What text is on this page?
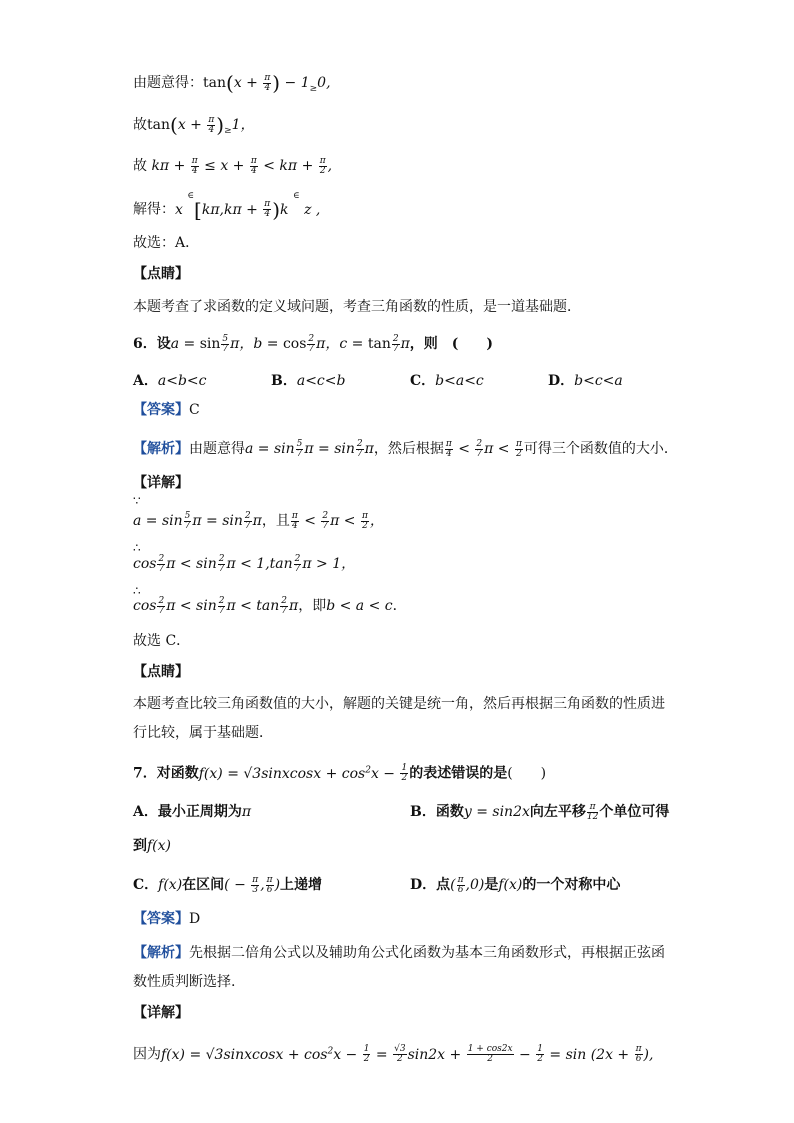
由题意得：$\tan(x + \frac{\pi}{4}$ ) − $1_\ge 0$,
故$\tan(x + \frac{\pi}{4} )_\ge 1$，
故 $k\pi + \frac{\pi}{4} \le x + \frac{\pi}{4} < k\pi + \frac{\pi}{2}$ ,
解得：x $^\in[k\pi,k\pi + \frac{\pi}{4} )k$ ∈ z ,
故选：A．
【点睛】
本题考查了求函数的定义域问题，考查三角函数的性质，是一道基础题．
6．设$a = \sin \frac{5}{7}$ π，$b = \cos \frac{2}{7}$ π，$c = \tan \frac{2}{7}$ π，则　 (　　)
A．a<b<c	B．a<c<b	C．b<a<c	D．b<c<a
【答案】C
【解析】由题意得$a = \sin \frac{5}{7}$ $\pi = \sin \frac{2}{7}$ π，然后根据 $\frac{\pi}{4} < \frac{2}{7}$ $\pi < \frac{\pi}{2}$ 可得三个函数值的大小．
【详解】
∵
$a = \sin \frac{5}{7}$ $\pi = \sin \frac{2}{7}$ π，且 $\frac{\pi}{4} < \frac{2}{7}$ $\pi < \frac{\pi}{2}$ ，
∴
$\cos \frac{2}{7}$ $\pi < \sin \frac{2}{7}$ $\pi < 1,\tan \frac{2}{7}$ π > 1，
∴
$\cos \frac{2}{7}$ $\pi < \sin \frac{2}{7}$ $\pi < \tan \frac{2}{7}$ π，即b < a < c．
故选 C．
【点睛】
本题考查比较三角函数值的大小，解题的关键是统一角，然后再根据三角函数的性质进
行比较，属于基础题．
7．对函数f(x) = √3sinxcosx + $\cos^2x - \frac{1}{2}$ 的表述错误的是(　　)
A．最小正周期为π	B．函数y = sin2x向左平移 $\frac{\pi}{12}$ 个单位可得
到f(x)
C．f(x)在区间( − $\frac{\pi}{3}$ , $\frac{\pi}{6}$ )上递增	D．点( $\frac{\pi}{6} ,0$)是f(x)的一个对称中心
【答案】D
【解析】先根据二倍角公式以及辅助角公式化函数为基本三角函数形式，再根据正弦函
数性质判断选择.
【详解】
因为f(x) = √3sinxcosx + $\cos^2x - \frac{1}{2} = \frac{√3}{2} \sin 2x + \frac{1 + \cos 2x}{2} - \frac{1}{2} = \sin (2x + \frac{\pi}{6}$ ),
